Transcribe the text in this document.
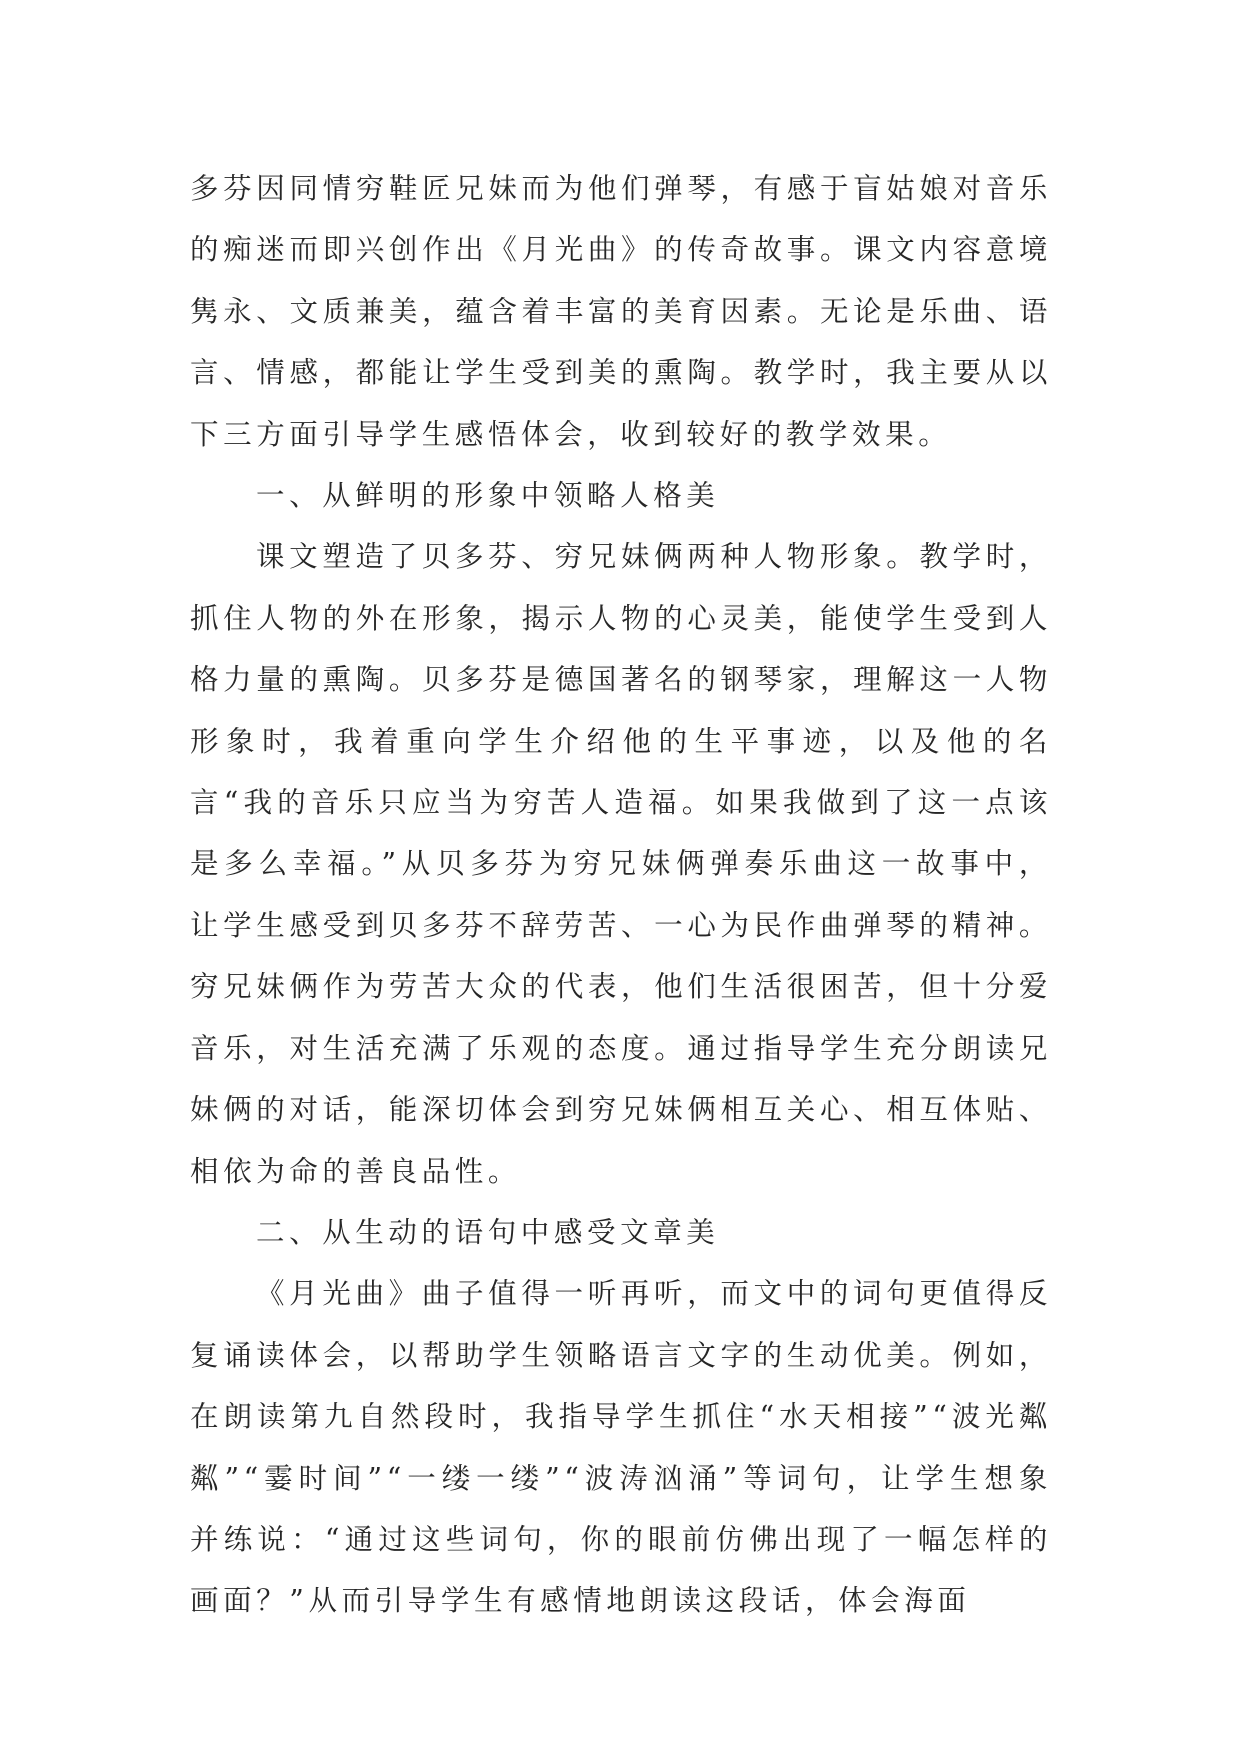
多芬因同情穷鞋匠兄妹而为他们弹琴，有感于盲姑娘对音乐的痴迷而即兴创作出《月光曲》的传奇故事。课文内容意境隽永、文质兼美，蕴含着丰富的美育因素。无论是乐曲、语言、情感，都能让学生受到美的熏陶。教学时，我主要从以下三方面引导学生感悟体会，收到较好的教学效果。

一、从鲜明的形象中领略人格美

课文塑造了贝多芬、穷兄妹俩两种人物形象。教学时，抓住人物的外在形象，揭示人物的心灵美，能使学生受到人格力量的熏陶。贝多芬是德国著名的钢琴家，理解这一人物形象时，我着重向学生介绍他的生平事迹，以及他的名言“我的音乐只应当为穷苦人造福。如果我做到了这一点该是多么幸福。”从贝多芬为穷兄妹俩弹奏乐曲这一故事中，让学生感受到贝多芬不辞劳苦、一心为民作曲弹琴的精神。穷兄妹俩作为劳苦大众的代表，他们生活很困苦，但十分爱音乐，对生活充满了乐观的态度。通过指导学生充分朗读兄妹俩的对话，能深切体会到穷兄妹俩相互关心、相互体贴、相依为命的善良品性。

二、从生动的语句中感受文章美

《月光曲》曲子值得一听再听，而文中的词句更值得反复诵读体会，以帮助学生领略语言文字的生动优美。例如，在朗读第九自然段时，我指导学生抓住“水天相接”“波光粼粼”“霎时间”“一缕一缕”“波涛汹涌”等词句，让学生想象并练说：“通过这些词句，你的眼前仿佛出现了一幅怎样的画面？”从而引导学生有感情地朗读这段话，体会海面
